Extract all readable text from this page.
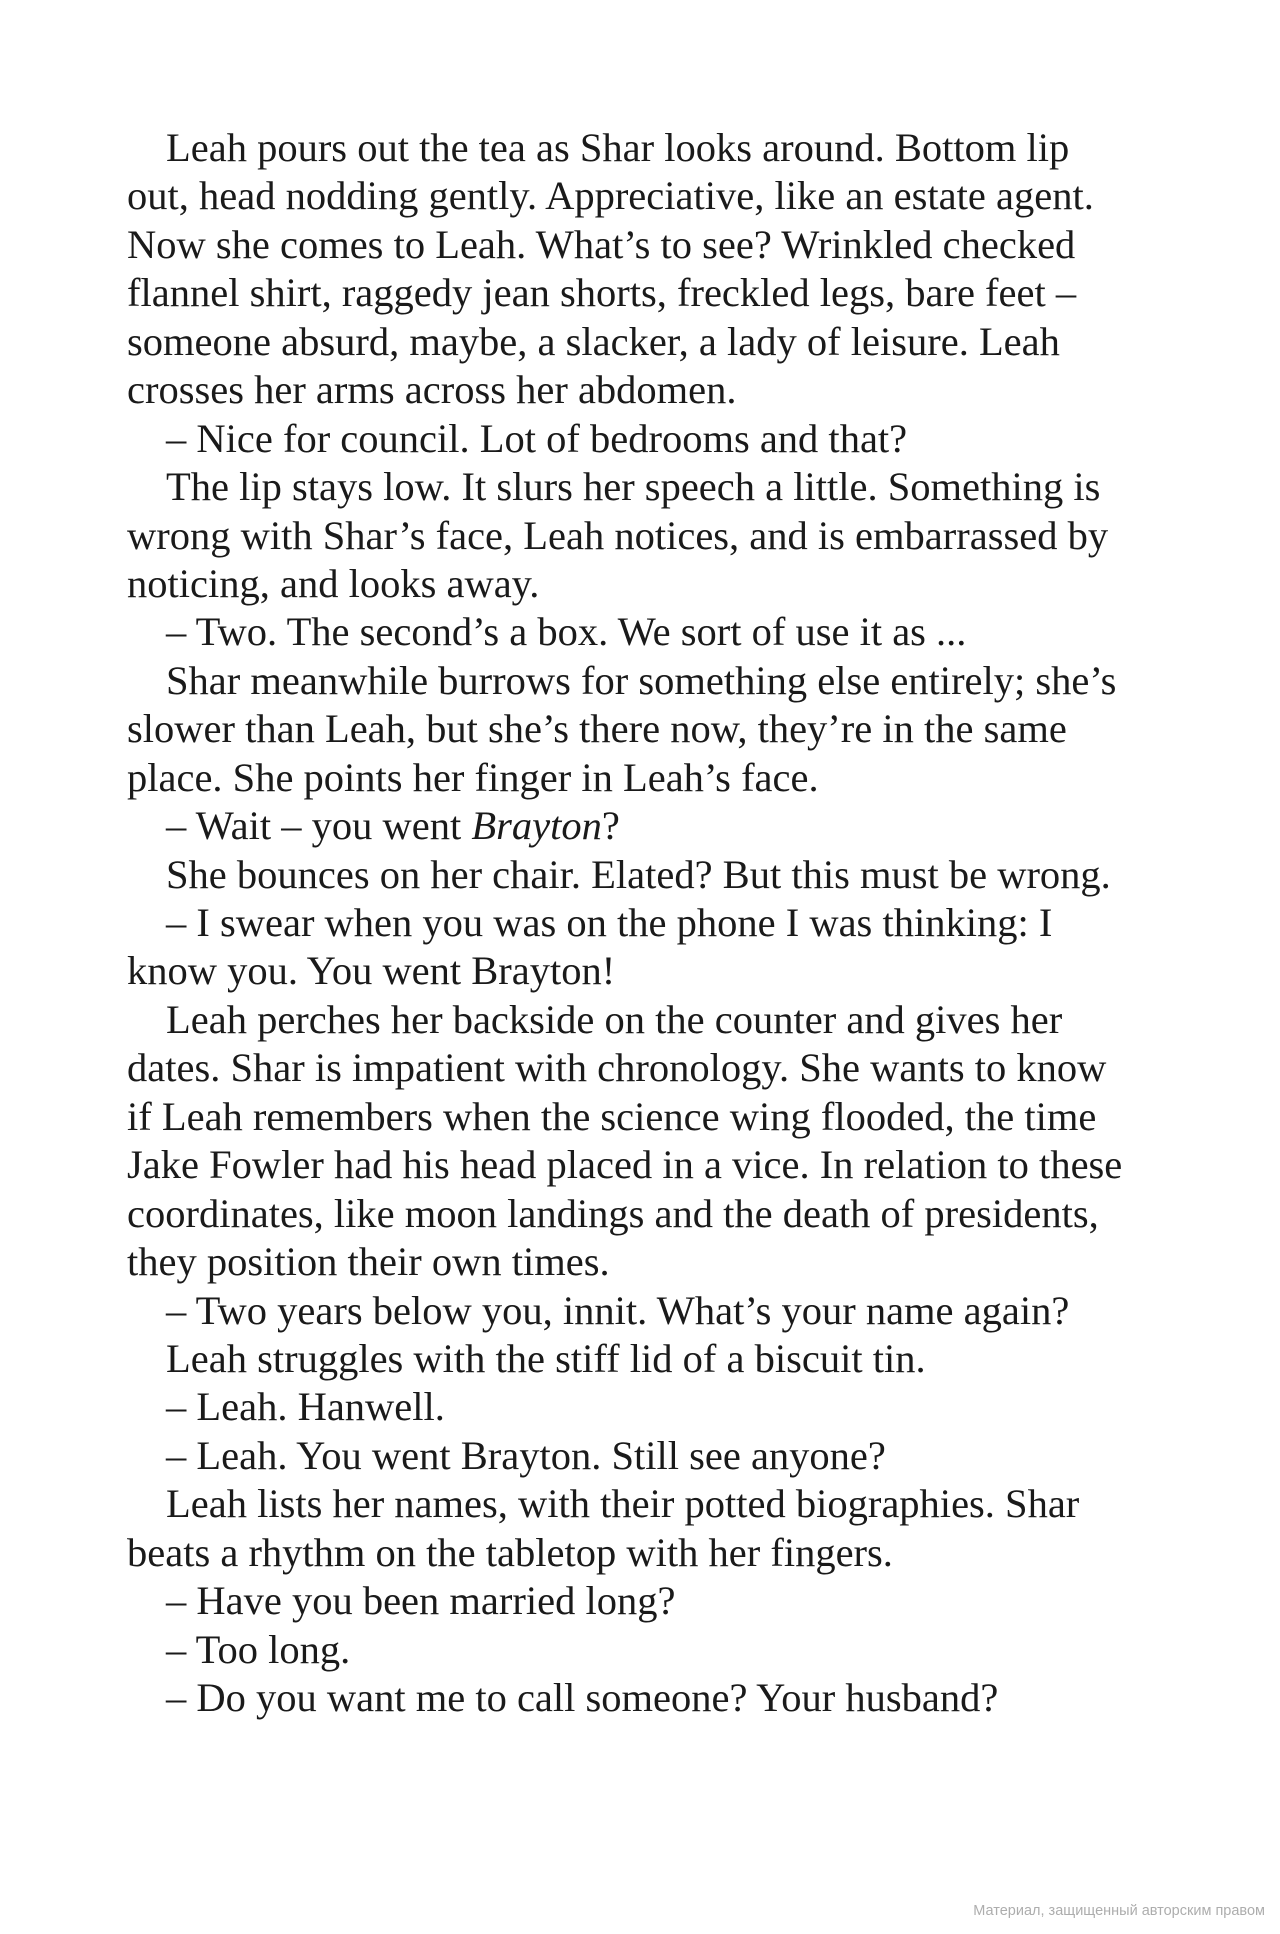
Leah pours out the tea as Shar looks around. Bottom lip
out, head nodding gently. Appreciative, like an estate agent.
Now she comes to Leah. What’s to see? Wrinkled checked
flannel shirt, raggedy jean shorts, freckled legs, bare feet –
someone absurd, maybe, a slacker, a lady of leisure. Leah
crosses her arms across her abdomen.
– Nice for council. Lot of bedrooms and that?
The lip stays low. It slurs her speech a little. Something is
wrong with Shar’s face, Leah notices, and is embarrassed by
noticing, and looks away.
– Two. The second’s a box. We sort of use it as ...
Shar meanwhile burrows for something else entirely; she’s
slower than Leah, but she’s there now, they’re in the same
place. She points her finger in Leah’s face.
– Wait – you went Brayton?
She bounces on her chair. Elated? But this must be wrong.
– I swear when you was on the phone I was thinking: I
know you. You went Brayton!
Leah perches her backside on the counter and gives her
dates. Shar is impatient with chronology. She wants to know
if Leah remembers when the science wing flooded, the time
Jake Fowler had his head placed in a vice. In relation to these
coordinates, like moon landings and the death of presidents,
they position their own times.
– Two years below you, innit. What’s your name again?
Leah struggles with the stiff lid of a biscuit tin.
– Leah. Hanwell.
– Leah. You went Brayton. Still see anyone?
Leah lists her names, with their potted biographies. Shar
beats a rhythm on the tabletop with her fingers.
– Have you been married long?
– Too long.
– Do you want me to call someone? Your husband?
Материал, защищенный авторским правом
